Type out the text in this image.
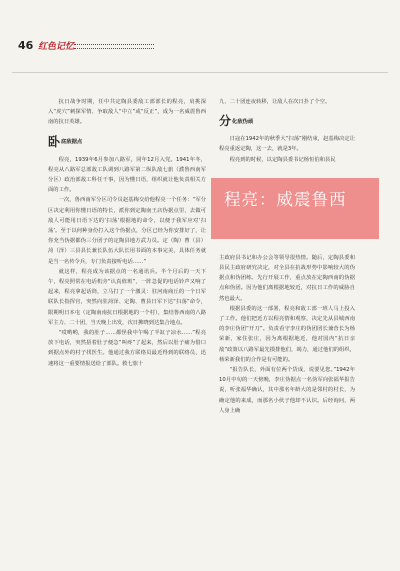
46 红色记忆

抗日战争时期，任中共定陶县委敌工部部长的程亮，肩挑深入“虎穴”刺探军情、争取敌人“中立”或“反正”，成为一名威震鲁西南的抗日英雄。

卧 底敌据点

程亮，1939年6月参加八路军，同年12月入党。1941年冬，程亮从八路军总部敌工队调到八路军第二纵队敌七旅（濮鲁西南军分区）政治部敌工科任干事，因为懂日语，组织就让他负责相关方面的工作。

一次，鲁西南军分区司令员赵基梅交给他程亮一个任务：“军分区决定利用你懂日语的特长，派你到定陶南王店伪据点里，去做可敌人可能用日语下达的‘扫荡’根据地的命令，以便于我军应对‘扫荡’。至于以何种身份打入这个伪据点，分区已经为你安排好了，让你充当伪据都伪三分团子的定陶县地方武力员。定（陶）曹（县）菏（泽）三县县长兼长队伍大队长用书面的本事完美，具体任务就是当一名传令兵，专门负责接听电话……”

就这样，程亮成为该据点的一名通讯兵。半个月后的一天下午，程亮照常在电话机旁“认真值班”，一阵急促的电话铃声又响了起来，程亮拿起话筒，立马打了一个激灵：驻河南商丘的一个日军联队长指挥官，突然向驻菏泽、定陶、曹县日军下达“扫荡”命令，限期明日本屯（定陶南南抗日根据地的一个村），集结鲁西南的八路军主力、二十团，当天晚上出发，次日拂晓到达集合地点。

“哎哟哟，我的肚子……都怪我中午喝了半缸子凉水……”程亮放下电话，突然捂着肚子便急“叫疼”了起来，然后以肚子痛为借口到据点外的村子找医生。他通过我方联络员最近得到的联络员，迅速将这一重要情报送给了部队。救七旅十

九、二十团连夜转移，让敌人在次日扑了个空。

分 化敌伪顽

日寇在1942年的秋季大“扫荡”刚结束，赵基梅决定让程亮重返定陶，这一去，就是3年。

程亮到的时候，以定陶县委书记杨恒伯和县民

程亮：威震鲁西

主政府县书记和办公会等领导很热情。随后，定陶县委和县民主政府研究决定，对全县在抗战形势中影响较大的伪据点和伪团练、先行开展工作，重点放在定陶西南的伪据点和伪团。因为他们离根据地较近，对抗日工作的威胁自然也最大。

根据县委的这一部署，程亮和敌工部一班人马上投入了工作。他们把近方以程亮情和观察，决定先从县城西南的李庄伪团“开刀”。负责看守李庄的伪团团长兼营长为杨荣新，家住张庄，因为离根据地近，他对国内“抗日亲敌”政策以八路军最先摸排他们，竭力，通过他们的组织，杨荣新我们的合作是有可能的。

“报告队长，外面有位两个货成，说要见您。”1942年10月中旬的一天傍晚，李庄伪据点一名伪军向张福华报告说，听张福华确认，其中那名年龄大的是邻村的村长，为确定他的来成，而那名小伙子他却不认识。后经询问，两人身上确
